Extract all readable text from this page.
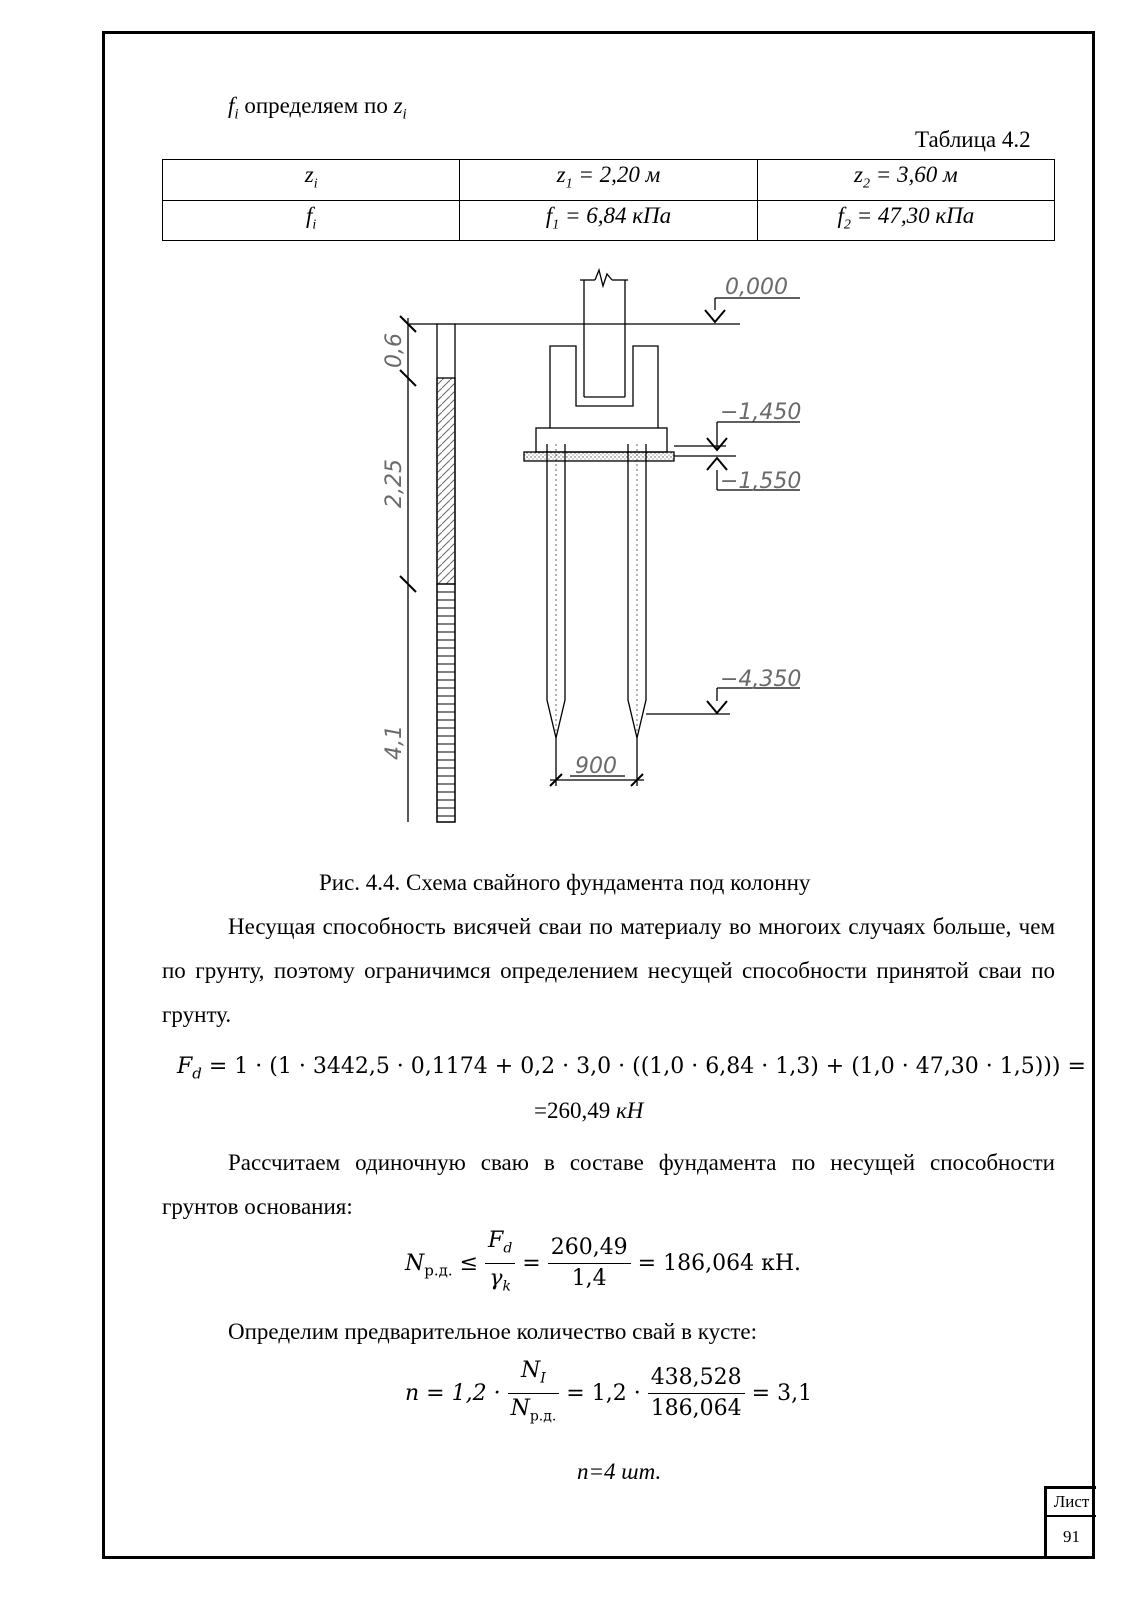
$f_i$ определяем по $z_i$
Таблица 4.2
$z_i$	$z_1 = 2,20$ м	$z_2 = 3,60$ м
$f_i$	$f_1 = 6,84$ кПа	$f_2 = 47,30$ кПа
0,000
−1,450
−1,550
−4,350
900
0,6
2,25
4,1
Рис. 4.4. Схема свайного фундамента под колонну
Несущая способность висячей сваи по материалу во многоих случаях больше, чем по грунту, поэтому ограничимся определением несущей способности принятой сваи по грунту.
$F_d = 1 \cdot (1 \cdot 3442,5 \cdot 0,1174 + 0,2 \cdot 3,0 \cdot ((1,0 \cdot 6,84 \cdot 1,3) + (1,0 \cdot 47,30 \cdot 1,5)))$ =
=260,49 кН
Рассчитаем одиночную сваю в составе фундамента по несущей способности грунтов основания:
$N_{р.д.} \le \frac{F_d}{\gamma_k} = \frac{260,49}{1,4} = 186,064$ кН.
Определим предварительное количество свай в кусте:
$n = 1,2 \cdot \frac{N_I}{N_{р.д.}} = 1,2 \cdot \frac{438,528}{186,064} = 3,1$
n=4 шт.
Лист
91
